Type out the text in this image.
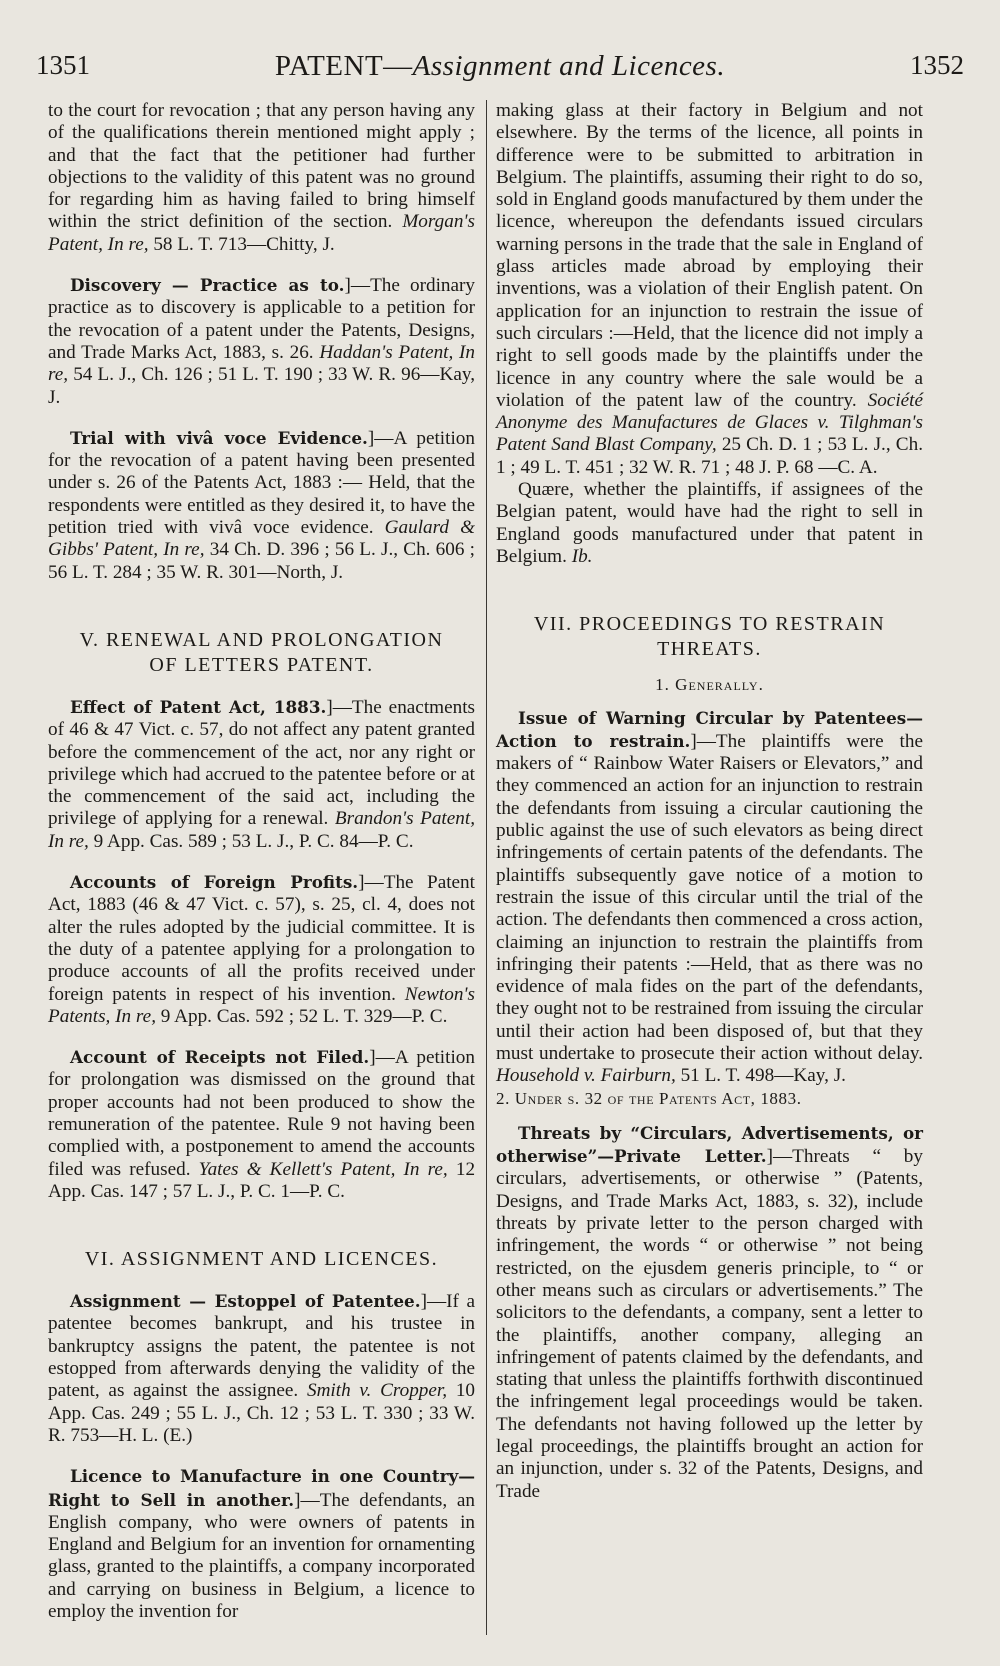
1351	PATENT—Assignment and Licences.	1352

to the court for revocation ; that any person having any of the qualifications therein mentioned might apply ; and that the fact that the petitioner had further objections to the validity of this patent was no ground for regarding him as having failed to bring himself within the strict definition of the section. Morgan's Patent, In re, 58 L. T. 713—Chitty, J.

Discovery — Practice as to.]—The ordinary practice as to discovery is applicable to a petition for the revocation of a patent under the Patents, Designs, and Trade Marks Act, 1883, s. 26. Haddan's Patent, In re, 54 L. J., Ch. 126 ; 51 L. T. 190 ; 33 W. R. 96—Kay, J.

Trial with vivâ voce Evidence.]—A petition for the revocation of a patent having been presented under s. 26 of the Patents Act, 1883 :— Held, that the respondents were entitled as they desired it, to have the petition tried with vivâ voce evidence. Gaulard & Gibbs' Patent, In re, 34 Ch. D. 396 ; 56 L. J., Ch. 606 ; 56 L. T. 284 ; 35 W. R. 301—North, J.

V. RENEWAL AND PROLONGATION

OF LETTERS PATENT.

Effect of Patent Act, 1883.]—The enactments of 46 & 47 Vict. c. 57, do not affect any patent granted before the commencement of the act, nor any right or privilege which had accrued to the patentee before or at the commencement of the said act, including the privilege of applying for a renewal. Brandon's Patent, In re, 9 App. Cas. 589 ; 53 L. J., P. C. 84—P. C.

Accounts of Foreign Profits.]—The Patent Act, 1883 (46 & 47 Vict. c. 57), s. 25, cl. 4, does not alter the rules adopted by the judicial committee. It is the duty of a patentee applying for a prolongation to produce accounts of all the profits received under foreign patents in respect of his invention. Newton's Patents, In re, 9 App. Cas. 592 ; 52 L. T. 329—P. C.

Account of Receipts not Filed.]—A petition for prolongation was dismissed on the ground that proper accounts had not been produced to show the remuneration of the patentee. Rule 9 not having been complied with, a postponement to amend the accounts filed was refused. Yates & Kellett's Patent, In re, 12 App. Cas. 147 ; 57 L. J., P. C. 1—P. C.

VI. ASSIGNMENT AND LICENCES.

Assignment — Estoppel of Patentee.]—If a patentee becomes bankrupt, and his trustee in bankruptcy assigns the patent, the patentee is not estopped from afterwards denying the validity of the patent, as against the assignee. Smith v. Cropper, 10 App. Cas. 249 ; 55 L. J., Ch. 12 ; 53 L. T. 330 ; 33 W. R. 753—H. L. (E.)

Licence to Manufacture in one Country—Right to Sell in another.]—The defendants, an English company, who were owners of patents in England and Belgium for an invention for ornamenting glass, granted to the plaintiffs, a company incorporated and carrying on business in Belgium, a licence to employ the invention for

making glass at their factory in Belgium and not elsewhere. By the terms of the licence, all points in difference were to be submitted to arbitration in Belgium. The plaintiffs, assuming their right to do so, sold in England goods manufactured by them under the licence, whereupon the defendants issued circulars warning persons in the trade that the sale in England of glass articles made abroad by employing their inventions, was a violation of their English patent. On application for an injunction to restrain the issue of such circulars :—Held, that the licence did not imply a right to sell goods made by the plaintiffs under the licence in any country where the sale would be a violation of the patent law of the country. Société Anonyme des Manufactures de Glaces v. Tilghman's Patent Sand Blast Company, 25 Ch. D. 1 ; 53 L. J., Ch. 1 ; 49 L. T. 451 ; 32 W. R. 71 ; 48 J. P. 68 —C. A.

Quære, whether the plaintiffs, if assignees of the Belgian patent, would have had the right to sell in England goods manufactured under that patent in Belgium. Ib.

VII. PROCEEDINGS TO RESTRAIN

THREATS.

1. Generally.

Issue of Warning Circular by Patentees—Action to restrain.]—The plaintiffs were the makers of “ Rainbow Water Raisers or Elevators,” and they commenced an action for an injunction to restrain the defendants from issuing a circular cautioning the public against the use of such elevators as being direct infringements of certain patents of the defendants. The plaintiffs subsequently gave notice of a motion to restrain the issue of this circular until the trial of the action. The defendants then commenced a cross action, claiming an injunction to restrain the plaintiffs from infringing their patents :—Held, that as there was no evidence of mala fides on the part of the defendants, they ought not to be restrained from issuing the circular until their action had been disposed of, but that they must undertake to prosecute their action without delay. Household v. Fairburn, 51 L. T. 498—Kay, J.

2. Under s. 32 of the Patents Act, 1883.

Threats by “Circulars, Advertisements, or otherwise”—Private Letter.]—Threats “ by circulars, advertisements, or otherwise ” (Patents, Designs, and Trade Marks Act, 1883, s. 32), include threats by private letter to the person charged with infringement, the words “ or otherwise ” not being restricted, on the ejusdem generis principle, to “ or other means such as circulars or advertisements.” The solicitors to the defendants, a company, sent a letter to the plaintiffs, another company, alleging an infringement of patents claimed by the defendants, and stating that unless the plaintiffs forthwith discontinued the infringement legal proceedings would be taken. The defendants not having followed up the letter by legal proceedings, the plaintiffs brought an action for an injunction, under s. 32 of the Patents, Designs, and Trade
